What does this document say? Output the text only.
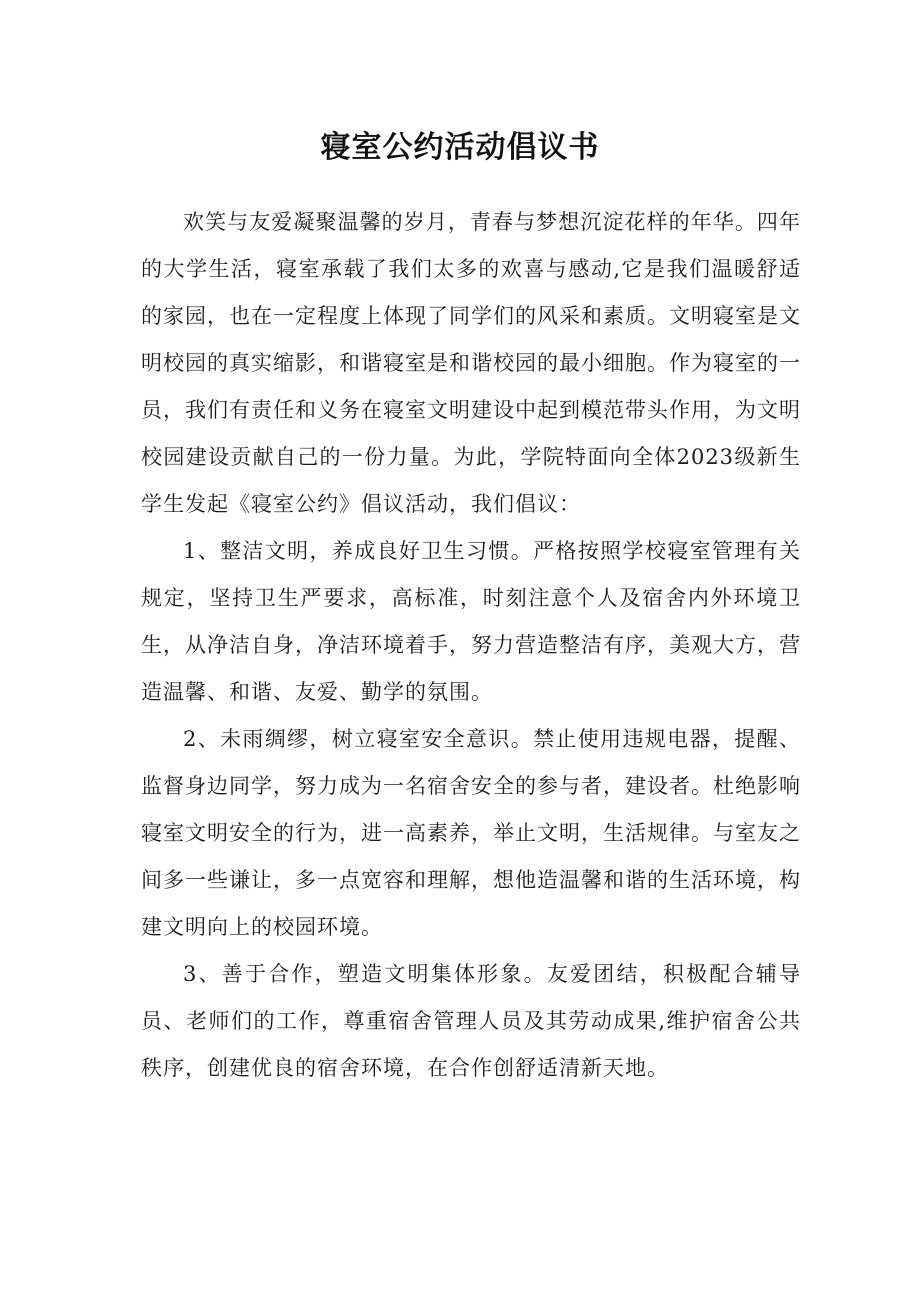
寝室公约活动倡议书

欢笑与友爱凝聚温馨的岁月，青春与梦想沉淀花样的年华。四年的大学生活，寝室承载了我们太多的欢喜与感动,它是我们温暖舒适的家园，也在一定程度上体现了同学们的风采和素质。文明寝室是文明校园的真实缩影，和谐寝室是和谐校园的最小细胞。作为寝室的一员，我们有责任和义务在寝室文明建设中起到模范带头作用，为文明校园建设贡献自己的一份力量。为此，学院特面向全体2023级新生学生发起《寝室公约》倡议活动，我们倡议：

1、整洁文明，养成良好卫生习惯。严格按照学校寝室管理有关规定，坚持卫生严要求，高标准，时刻注意个人及宿舍内外环境卫生，从净洁自身，净洁环境着手，努力营造整洁有序，美观大方，营造温馨、和谐、友爱、勤学的氛围。

2、未雨绸缪，树立寝室安全意识。禁止使用违规电器，提醒、监督身边同学，努力成为一名宿舍安全的参与者，建设者。杜绝影响寝室文明安全的行为，进一高素养，举止文明，生活规律。与室友之间多一些谦让，多一点宽容和理解，想他造温馨和谐的生活环境，构建文明向上的校园环境。

3、善于合作，塑造文明集体形象。友爱团结，积极配合辅导员、老师们的工作，尊重宿舍管理人员及其劳动成果,维护宿舍公共秩序，创建优良的宿舍环境，在合作创舒适清新天地。
